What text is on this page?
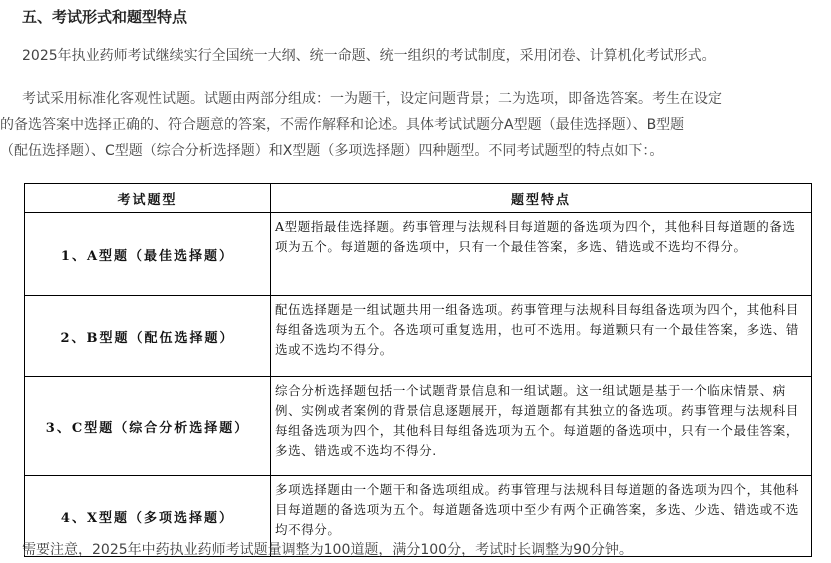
五、考试形式和题型特点
2025年执业药师考试继续实行全国统一大纲、统一命题、统一组织的考试制度，采用闭卷、计算机化考试形式。
考试采用标准化客观性试题。试题由两部分组成：一为题干，设定问题背景；二为选项，即备选答案。考生在设定
的备选答案中选择正确的、符合题意的答案，不需作解释和论述。具体考试试题分A型题（最佳选择题）、B型题
（配伍选择题）、C型题（综合分析选择题）和X型题（多项选择题）四种题型。不同考试题型的特点如下：。
考试题型	题型特点
1、A型题（最佳选择题）	A型题指最佳选择题。药事管理与法规科目每道题的备选项为四个，其他科目每道题的备选项为五个。每道题的备选项中，只有一个最佳答案，多选、错选或不选均不得分。
2、B型题（配伍选择题）	配伍选择题是一组试题共用一组备选项。药事管理与法规科目每组备选项为四个，其他科目每组备选项为五个。各选项可重复选用，也可不选用。每道颗只有一个最佳答案，多选、错选或不选均不得分。
3、C型题（综合分析选择题）	综合分析选择题包括一个试题背景信息和一组试题。这一组试题是基于一个临床情景、病例、实例或者案例的背景信息逐题展开，每道题都有其独立的备选项。药事管理与法规科目每组备选项为四个，其他科目每组备选项为五个。每道题的备选项中，只有一个最佳答案，多选、错选或不选均不得分.
4、X型题（多项选择题）	多项选择题由一个题干和备选项组成。药事管理与法规科目每道题的备选项为四个，其他科目每道题的备选项为五个。每道题备选项中至少有两个正确答案，多选、少选、错选或不选均不得分。
需要注意，2025年中药执业药师考试题量调整为100道题，满分100分，考试时长调整为90分钟。
